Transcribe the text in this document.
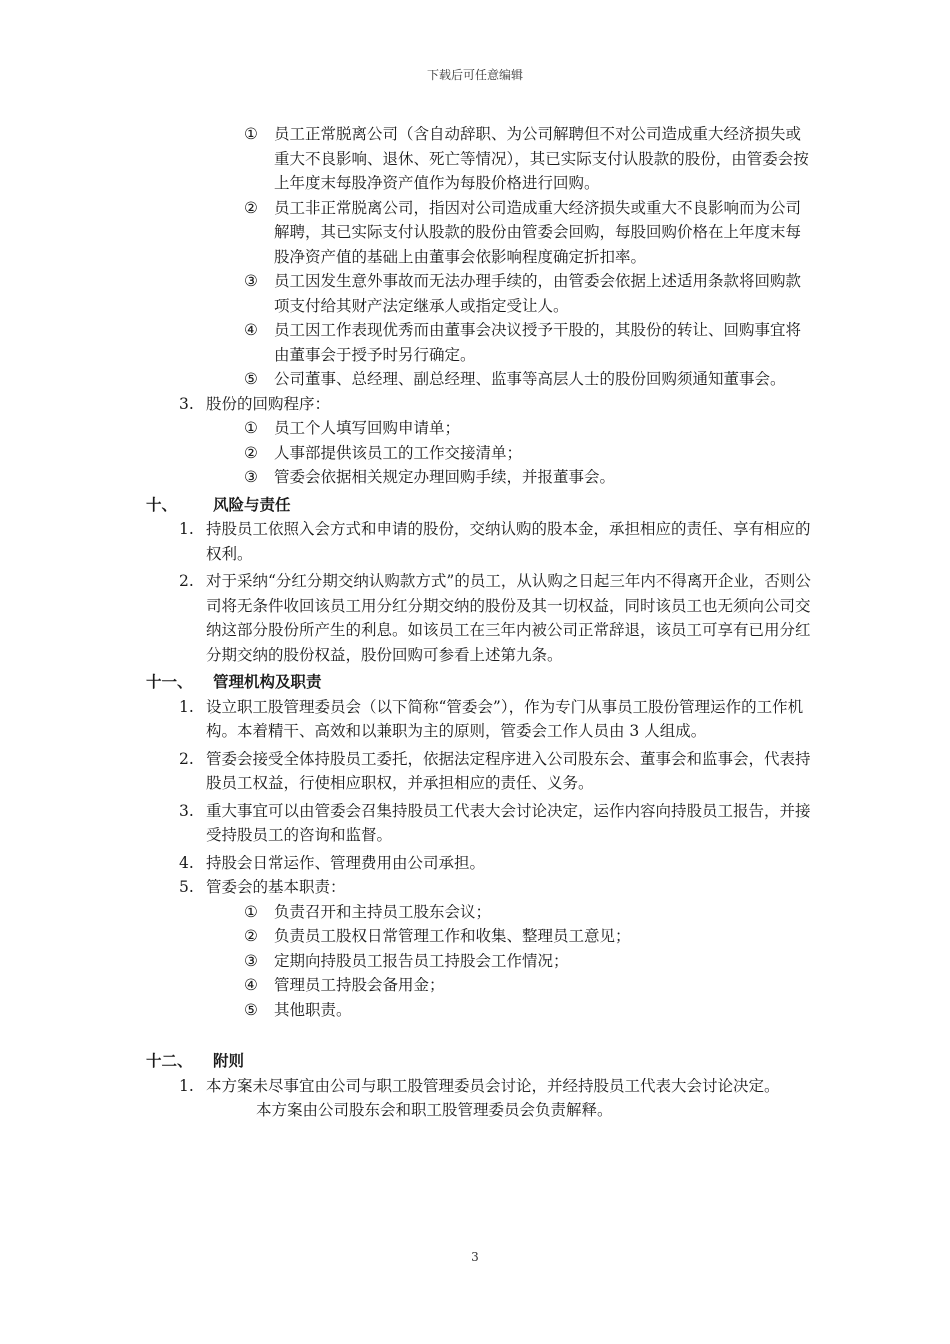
下载后可任意编辑
① 员工正常脱离公司（含自动辞职、为公司解聘但不对公司造成重大经济损失或重大不良影响、退休、死亡等情况），其已实际支付认股款的股份，由管委会按上年度末每股净资产值作为每股价格进行回购。
② 员工非正常脱离公司，指因对公司造成重大经济损失或重大不良影响而为公司解聘，其已实际支付认股款的股份由管委会回购，每股回购价格在上年度末每股净资产值的基础上由董事会依影响程度确定折扣率。
③ 员工因发生意外事故而无法办理手续的，由管委会依据上述适用条款将回购款项支付给其财产法定继承人或指定受让人。
④ 员工因工作表现优秀而由董事会决议授予干股的，其股份的转让、回购事宜将由董事会于授予时另行确定。
⑤ 公司董事、总经理、副总经理、监事等高层人士的股份回购须通知董事会。
3. 股份的回购程序：
① 员工个人填写回购申请单；
② 人事部提供该员工的工作交接清单；
③ 管委会依据相关规定办理回购手续，并报董事会。
十、 风险与责任
1. 持股员工依照入会方式和申请的股份，交纳认购的股本金，承担相应的责任、享有相应的权利。
2. 对于采纳“分红分期交纳认购款方式”的员工，从认购之日起三年内不得离开企业，否则公司将无条件收回该员工用分红分期交纳的股份及其一切权益，同时该员工也无须向公司交纳这部分股份所产生的利息。如该员工在三年内被公司正常辞退，该员工可享有已用分红分期交纳的股份权益，股份回购可参看上述第九条。
十一、 管理机构及职责
1. 设立职工股管理委员会（以下简称“管委会”），作为专门从事员工股份管理运作的工作机构。本着精干、高效和以兼职为主的原则，管委会工作人员由 3 人组成。
2. 管委会接受全体持股员工委托，依据法定程序进入公司股东会、董事会和监事会，代表持股员工权益，行使相应职权，并承担相应的责任、义务。
3. 重大事宜可以由管委会召集持股员工代表大会讨论决定，运作内容向持股员工报告，并接受持股员工的咨询和监督。
4. 持股会日常运作、管理费用由公司承担。
5. 管委会的基本职责：
① 负责召开和主持员工股东会议；
② 负责员工股权日常管理工作和收集、整理员工意见；
③ 定期向持股员工报告员工持股会工作情况；
④ 管理员工持股会备用金；
⑤ 其他职责。
十二、 附则
1. 本方案未尽事宜由公司与职工股管理委员会讨论，并经持股员工代表大会讨论决定。
本方案由公司股东会和职工股管理委员会负责解释。
3
